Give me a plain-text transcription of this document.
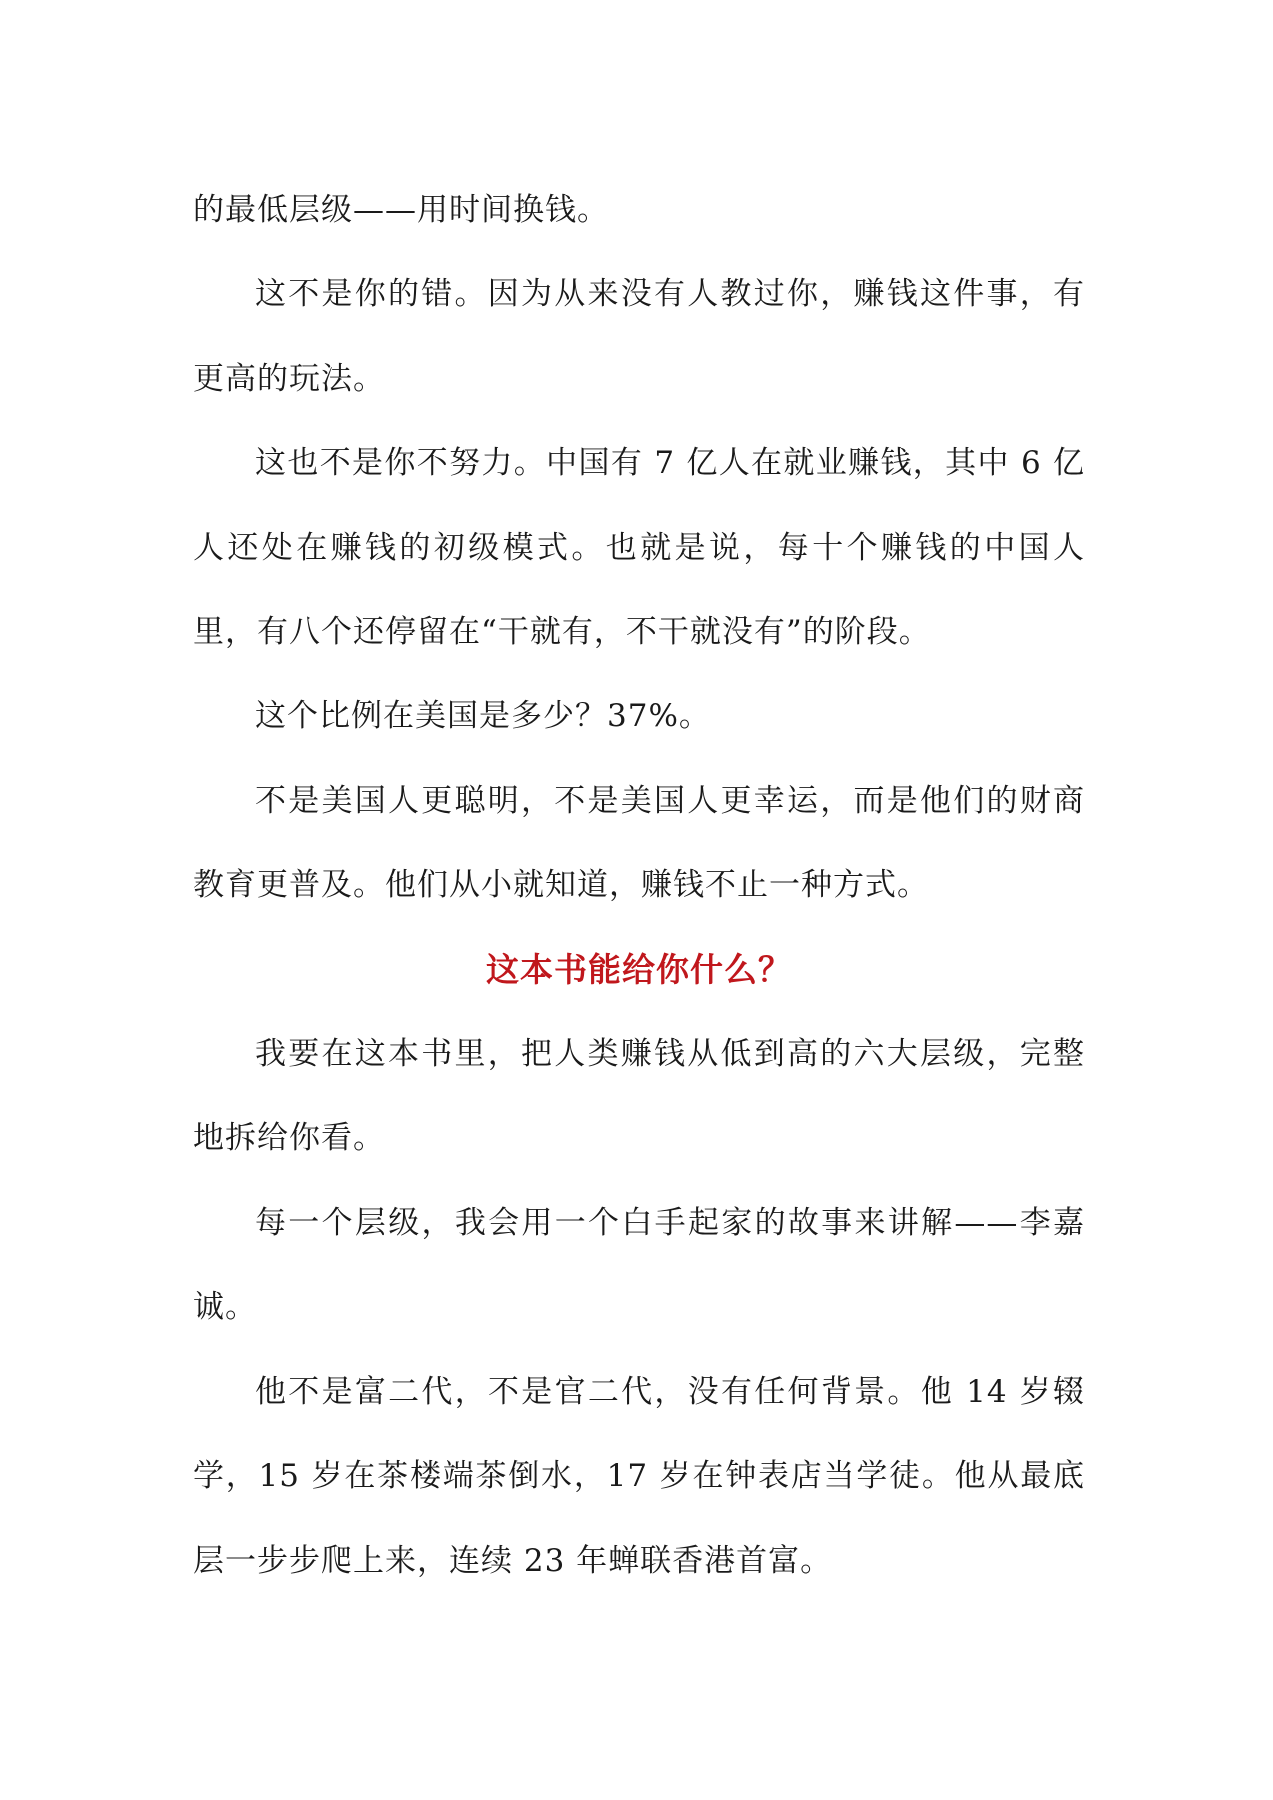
的最低层级——用时间换钱。

这不是你的错。因为从来没有人教过你，赚钱这件事，有更高的玩法。

这也不是你不努力。中国有 7 亿人在就业赚钱，其中 6 亿人还处在赚钱的初级模式。也就是说，每十个赚钱的中国人里，有八个还停留在“干就有，不干就没有”的阶段。

这个比例在美国是多少？37%。

不是美国人更聪明，不是美国人更幸运，而是他们的财商教育更普及。他们从小就知道，赚钱不止一种方式。

这本书能给你什么？

我要在这本书里，把人类赚钱从低到高的六大层级，完整地拆给你看。

每一个层级，我会用一个白手起家的故事来讲解——李嘉诚。

他不是富二代，不是官二代，没有任何背景。他 14 岁辍学，15 岁在茶楼端茶倒水，17 岁在钟表店当学徒。他从最底层一步步爬上来，连续 23 年蝉联香港首富。
